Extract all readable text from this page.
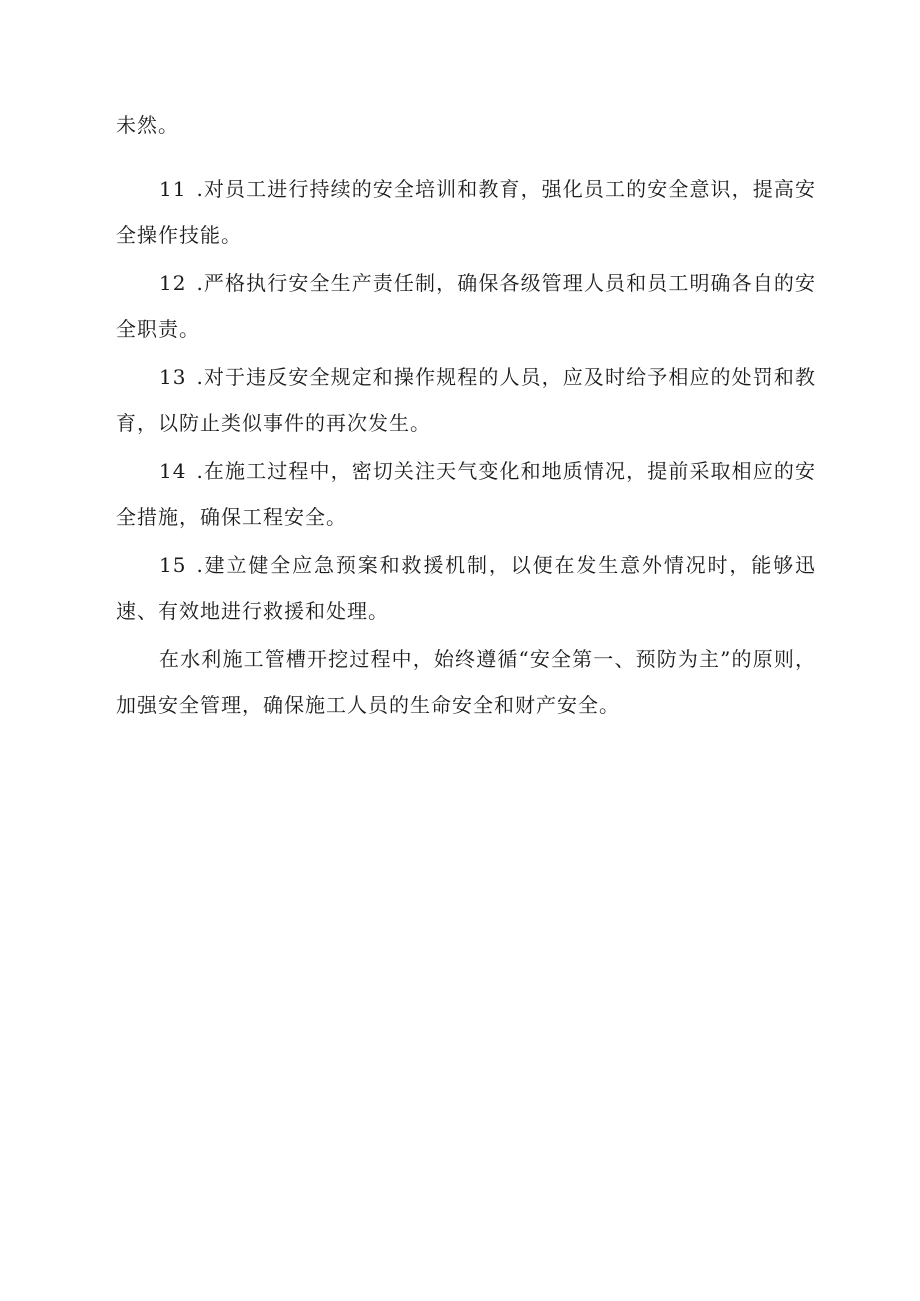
未然。

11 .对员工进行持续的安全培训和教育，强化员工的安全意识，提高安全操作技能。

12 .严格执行安全生产责任制，确保各级管理人员和员工明确各自的安全职责。

13 .对于违反安全规定和操作规程的人员，应及时给予相应的处罚和教育，以防止类似事件的再次发生。

14 .在施工过程中，密切关注天气变化和地质情况，提前采取相应的安全措施，确保工程安全。

15 .建立健全应急预案和救援机制，以便在发生意外情况时，能够迅速、有效地进行救援和处理。

在水利施工管槽开挖过程中，始终遵循“安全第一、预防为主”的原则，加强安全管理，确保施工人员的生命安全和财产安全。
